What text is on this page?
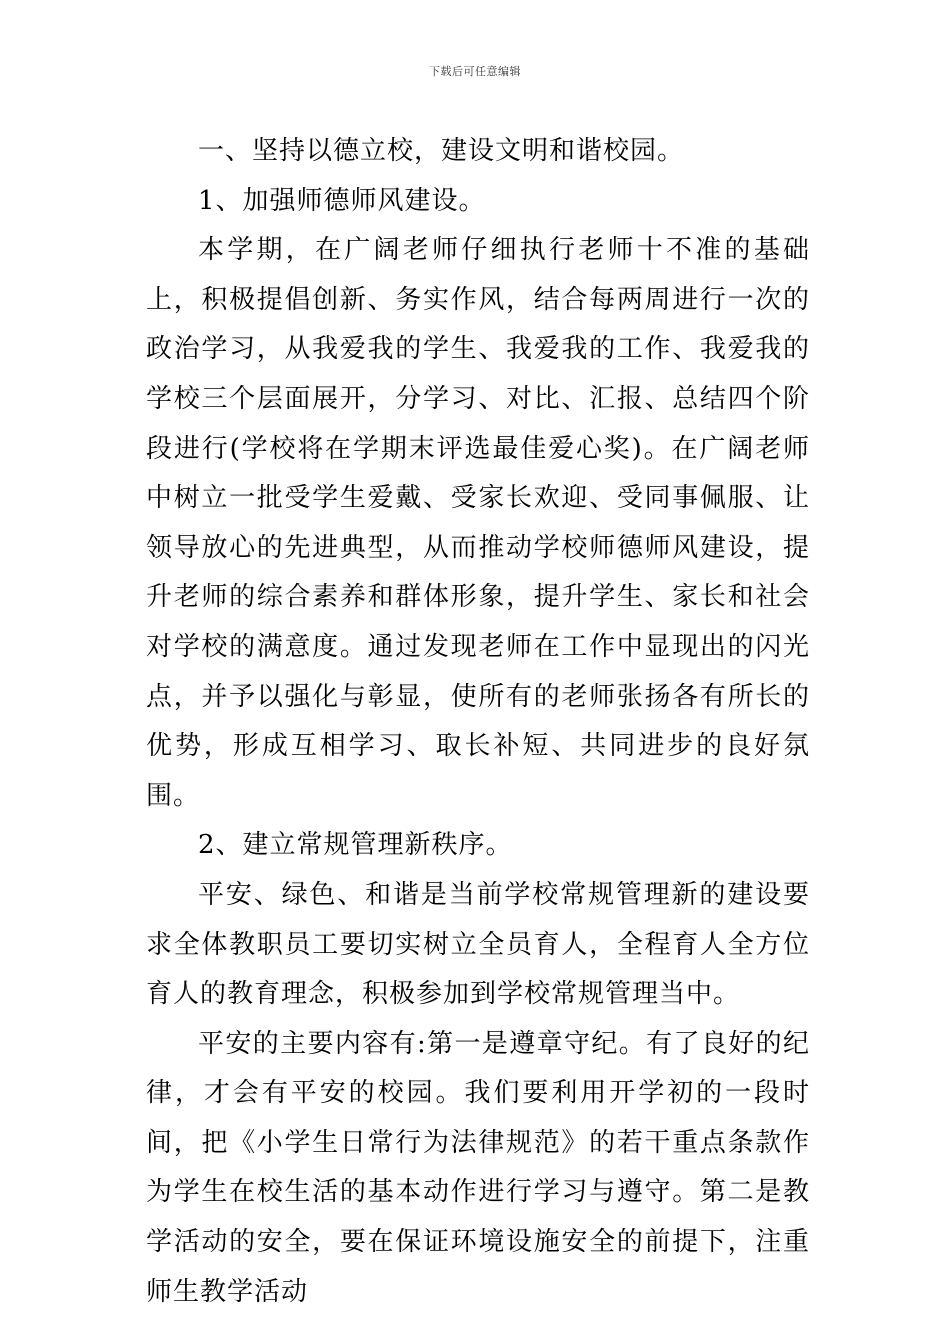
下载后可任意编辑

一、坚持以德立校，建设文明和谐校园。

1、加强师德师风建设。

本学期，在广阔老师仔细执行老师十不准的基础上，积极提倡创新、务实作风，结合每两周进行一次的政治学习，从我爱我的学生、我爱我的工作、我爱我的学校三个层面展开，分学习、对比、汇报、总结四个阶段进行(学校将在学期末评选最佳爱心奖)。在广阔老师中树立一批受学生爱戴、受家长欢迎、受同事佩服、让领导放心的先进典型，从而推动学校师德师风建设，提升老师的综合素养和群体形象，提升学生、家长和社会对学校的满意度。通过发现老师在工作中显现出的闪光点，并予以强化与彰显，使所有的老师张扬各有所长的优势，形成互相学习、取长补短、共同进步的良好氛围。

2、建立常规管理新秩序。

平安、绿色、和谐是当前学校常规管理新的建设要求全体教职员工要切实树立全员育人，全程育人全方位育人的教育理念，积极参加到学校常规管理当中。

平安的主要内容有:第一是遵章守纪。有了良好的纪律，才会有平安的校园。我们要利用开学初的一段时间，把《小学生日常行为法律规范》的若干重点条款作为学生在校生活的基本动作进行学习与遵守。第二是教学活动的安全，要在保证环境设施安全的前提下，注重师生教学活动
